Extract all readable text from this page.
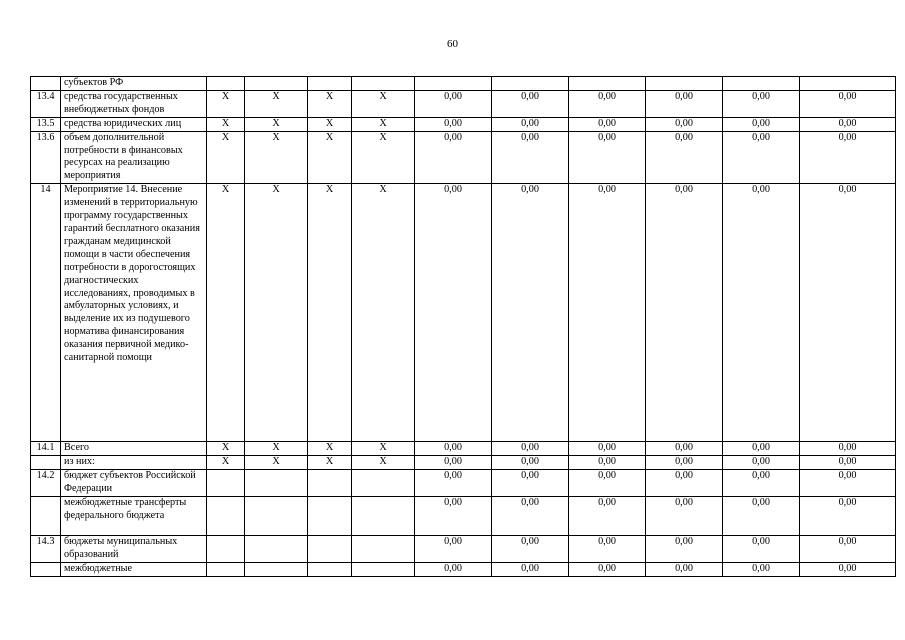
60
	субъектов РФ										
13.4	средства государственных внебюджетных фондов	X	X	X	X	0,00	0,00	0,00	0,00	0,00	0,00
13.5	средства юридических лиц	X	X	X	X	0,00	0,00	0,00	0,00	0,00	0,00
13.6	объем дополнительной потребности в финансовых ресурсах на реализацию мероприятия	X	X	X	X	0,00	0,00	0,00	0,00	0,00	0,00
14	Мероприятие 14. Внесение изменений в территориальную программу государственных гарантий бесплатного оказания гражданам медицинской помощи в части обеспечения потребности в дорогостоящих диагностических исследованиях, проводимых в амбулаторных условиях, и выделение их из подушевого норматива финансирования оказания первичной медико-санитарной помощи	X	X	X	X	0,00	0,00	0,00	0,00	0,00	0,00
14.1	Всего	X	X	X	X	0,00	0,00	0,00	0,00	0,00	0,00
	из них:	X	X	X	X	0,00	0,00	0,00	0,00	0,00	0,00
14.2	бюджет субъектов Российской Федерации					0,00	0,00	0,00	0,00	0,00	0,00
	межбюджетные трансферты федерального бюджета					0,00	0,00	0,00	0,00	0,00	0,00
14.3	бюджеты муниципальных образований					0,00	0,00	0,00	0,00	0,00	0,00
	межбюджетные					0,00	0,00	0,00	0,00	0,00	0,00
